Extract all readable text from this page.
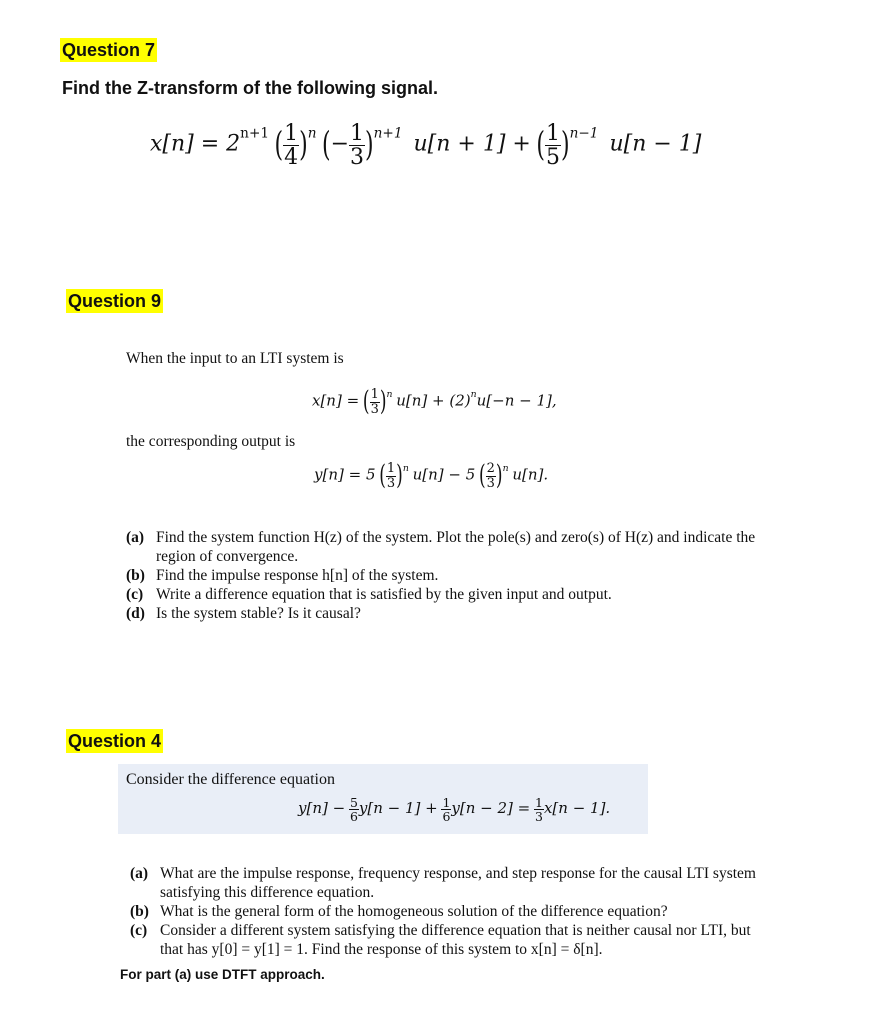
Question 7
Find the Z-transform of the following signal.
$x[n] = 2^{n+1}$ ( $\frac{1}{4} )^n$ (− $\frac{1}{3} )^{n+1}$ u[n + 1] + ( $\frac{1}{5} )^{n-1}$ u[n − 1]
Question 9
When the input to an LTI system is
x[n] = ( $\frac{1}{3} )^n$ $u[n] + (2)^nu[-n - 1]$,
the corresponding output is
y[n] = 5 ( $\frac{1}{3} )^n$ u[n] − 5 ( $\frac{2}{3} )^n$ u[n].
(a) Find the system function H(z) of the system. Plot the pole(s) and zero(s) of H(z) and indicate the region of convergence.
(b) Find the impulse response h[n] of the system.
(c) Write a difference equation that is satisfied by the given input and output.
(d) Is the system stable? Is it causal?
Question 4
Consider the difference equation
$y[n] - \frac{5}{6} y[n - 1] + \frac{1}{6} y[n - 2] = \frac{1}{3} x[n - 1]$.
(a) What are the impulse response, frequency response, and step response for the causal LTI system satisfying this difference equation.
(b) What is the general form of the homogeneous solution of the difference equation?
(c) Consider a different system satisfying the difference equation that is neither causal nor LTI, but that has y[0] = y[1] = 1. Find the response of this system to x[n] = δ[n].
For part (a) use DTFT approach.
